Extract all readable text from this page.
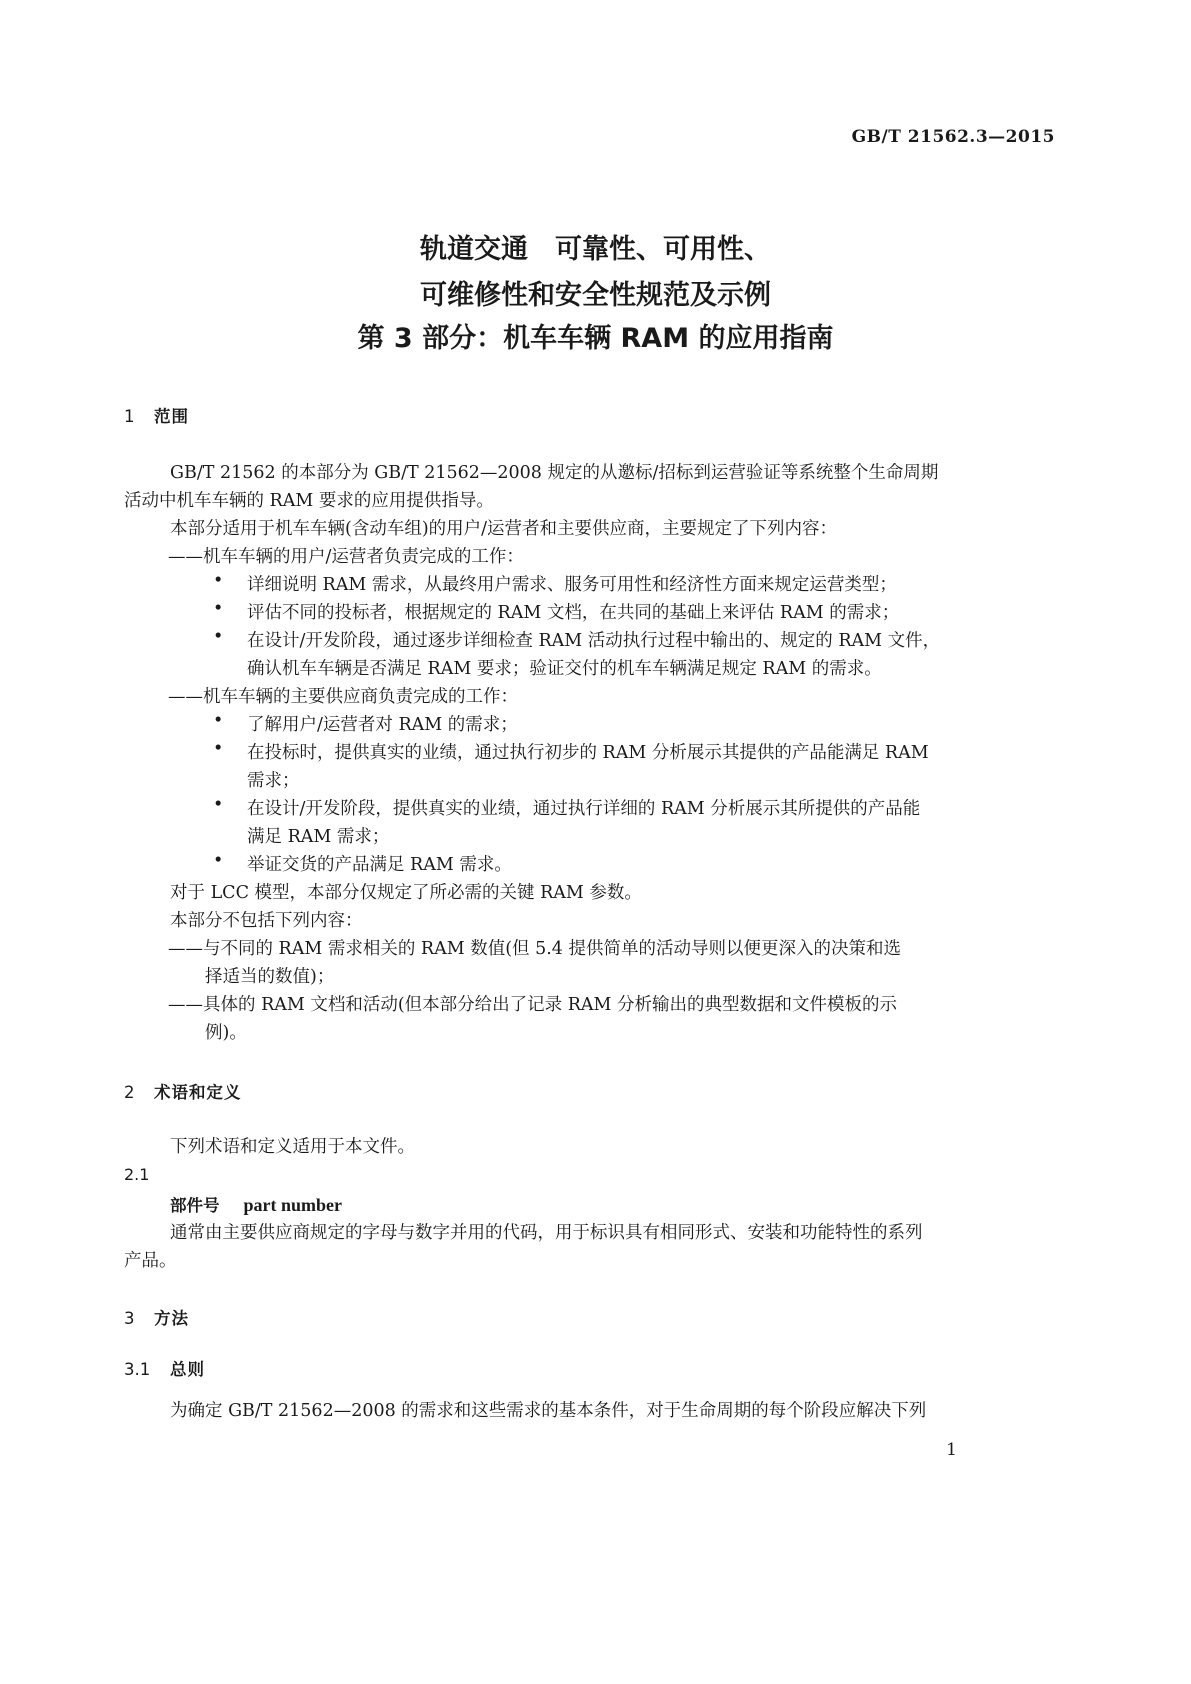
GB/T 21562.3—2015
轨道交通　可靠性、可用性、
可维修性和安全性规范及示例
第 3 部分：机车车辆 RAM 的应用指南
1 范围
GB/T 21562 的本部分为 GB/T 21562—2008 规定的从邀标/招标到运营验证等系统整个生命周期
活动中机车车辆的 RAM 要求的应用提供指导。
本部分适用于机车车辆(含动车组)的用户/运营者和主要供应商，主要规定了下列内容：
——机车车辆的用户/运营者负责完成的工作：
• 详细说明 RAM 需求，从最终用户需求、服务可用性和经济性方面来规定运营类型；
• 评估不同的投标者，根据规定的 RAM 文档，在共同的基础上来评估 RAM 的需求；
• 在设计/开发阶段，通过逐步详细检查 RAM 活动执行过程中输出的、规定的 RAM 文件，
确认机车车辆是否满足 RAM 要求；验证交付的机车车辆满足规定 RAM 的需求。
——机车车辆的主要供应商负责完成的工作：
• 了解用户/运营者对 RAM 的需求；
• 在投标时，提供真实的业绩，通过执行初步的 RAM 分析展示其提供的产品能满足 RAM
需求；
• 在设计/开发阶段，提供真实的业绩，通过执行详细的 RAM 分析展示其所提供的产品能
满足 RAM 需求；
• 举证交货的产品满足 RAM 需求。
对于 LCC 模型，本部分仅规定了所必需的关键 RAM 参数。
本部分不包括下列内容：
——与不同的 RAM 需求相关的 RAM 数值(但 5.4 提供简单的活动导则以便更深入的决策和选
择适当的数值)；
——具体的 RAM 文档和活动(但本部分给出了记录 RAM 分析输出的典型数据和文件模板的示
例)。
2 术语和定义
下列术语和定义适用于本文件。
2.1
部件号 part number
通常由主要供应商规定的字母与数字并用的代码，用于标识具有相同形式、安装和功能特性的系列
产品。
3 方法
3.1 总则
为确定 GB/T 21562—2008 的需求和这些需求的基本条件，对于生命周期的每个阶段应解决下列
1
